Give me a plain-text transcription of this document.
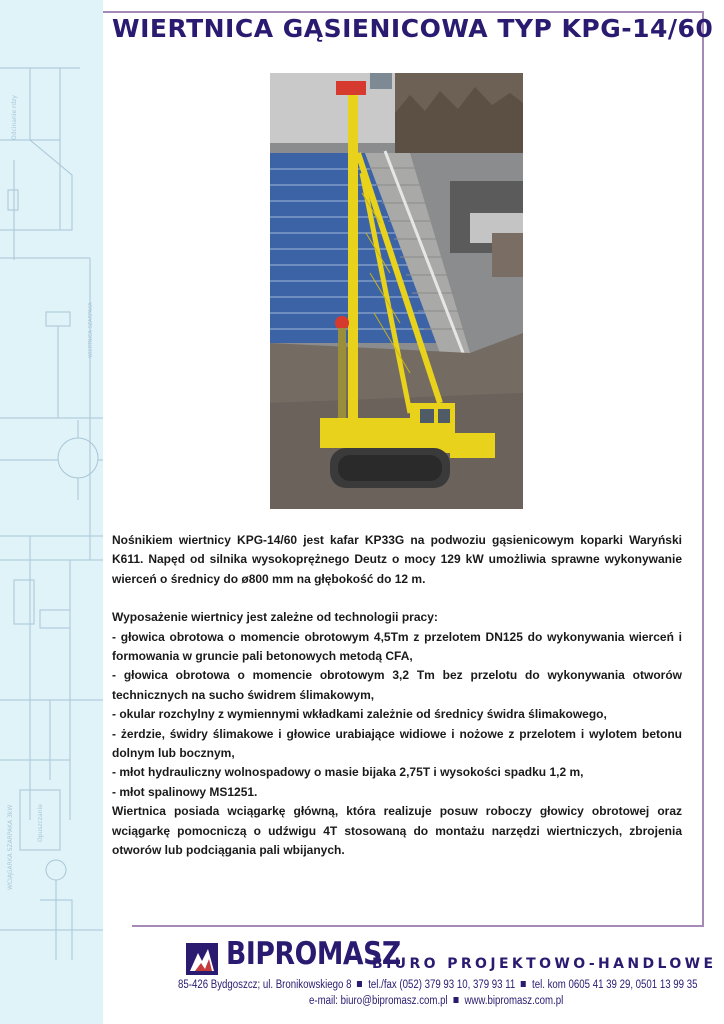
Odcinanie rdzy
WIERTNICA SZARPAKA
WCIĄGARKA SZARPAKA 3kW	Opuszczanie
WIERTNICA GĄSIENICOWA TYP KPG-14/60

Nośnikiem wiertnicy KPG-14/60 jest kafar KP33G na podwoziu gąsienicowym koparki Waryński K611. Napęd od silnika wysokoprężnego Deutz o mocy 129 kW umożliwia sprawne wykonywanie wierceń o średnicy do ø800 mm na głębokość do 12 m.

Wyposażenie wiertnicy jest zależne od technologii pracy:

- głowica obrotowa o momencie obrotowym 4,5Tm z przelotem DN125 do wykonywania wierceń i formowania w gruncie pali betonowych metodą CFA,

- głowica obrotowa o momencie obrotowym 3,2 Tm bez przelotu do wykonywania otworów technicznych na sucho świdrem ślimakowym,

- okular rozchylny z wymiennymi wkładkami zależnie od średnicy świdra ślimakowego,

- żerdzie, świdry ślimakowe i głowice urabiające widiowe i nożowe z przelotem i wylotem betonu dolnym lub bocznym,

- młot hydrauliczny wolnospadowy o masie bijaka 2,75T i wysokości spadku 1,2 m,

- młot spalinowy MS1251.

Wiertnica posiada wciągarkę główną, która realizuje posuw roboczy głowicy obrotowej oraz wciągarkę pomocniczą o udźwigu 4T stosowaną do montażu narzędzi wiertniczych, zbrojenia otworów lub podciągania pali wbijanych.

BIPROMASZ
BIURO PROJEKTOWO-HANDLOWE
85-426 Bydgoszcz; ul. Bronikowskiego 8 tel./fax (052) 379 93 10, 379 93 11 tel. kom 0605 41 39 29, 0501 13 99 35
e-mail: biuro@bipromasz.com.pl www.bipromasz.com.pl
